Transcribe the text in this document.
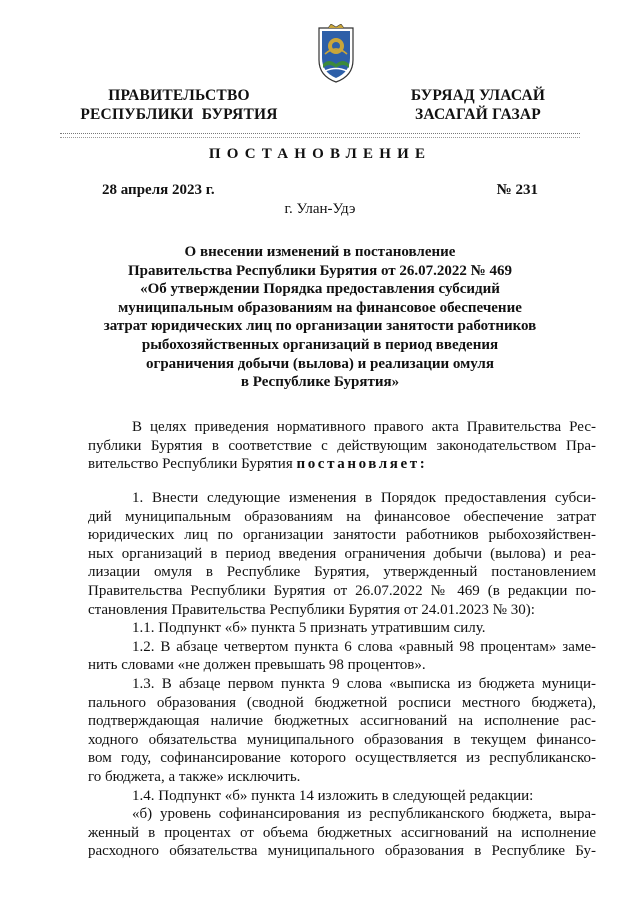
ПРАВИТЕЛЬСТВО
РЕСПУБЛИКИ  БУРЯТИЯ
БУРЯАД УЛАСАЙ
ЗАСАГАЙ ГАЗАР
ПОСТАНОВЛЕНИЕ
28 апреля 2023 г.	№ 231
г. Улан-Удэ
О внесении изменений в постановление
Правительства Республики Бурятия от 26.07.2022 № 469
«Об утверждении Порядка предоставления субсидий
муниципальным образованиям на финансовое обеспечение
затрат юридических лиц по организации занятости работников
рыбохозяйственных организаций в период введения
ограничения добычи (вылова) и реализации омуля
в Республике Бурятия»
В целях приведения нормативного правого акта Правительства Рес-
публики Бурятия в соответствие с действующим законодательством Пра-
вительство Республики Бурятия постановляет:
1. Внести следующие изменения в Порядок предоставления субси-
дий муниципальным образованиям на финансовое обеспечение затрат
юридических лиц по организации занятости работников рыбохозяйствен-
ных организаций в период введения ограничения добычи (вылова) и реа-
лизации омуля в Республике Бурятия, утвержденный постановлением
Правительства Республики Бурятия от 26.07.2022 № 469 (в редакции по-
становления Правительства Республики Бурятия от 24.01.2023 № 30):
1.1. Подпункт «б» пункта 5 признать утратившим силу.
1.2. В абзаце четвертом пункта 6 слова «равный 98 процентам» заме-
нить словами «не должен превышать 98 процентов».
1.3. В абзаце первом пункта 9 слова «выписка из бюджета муници-
пального образования (сводной бюджетной росписи местного бюджета),
подтверждающая наличие бюджетных ассигнований на исполнение рас-
ходного обязательства муниципального образования в текущем финансо-
вом году, софинансирование которого осуществляется из республиканско-
го бюджета, а также» исключить.
1.4. Подпункт «б» пункта 14 изложить в следующей редакции:
«б) уровень софинансирования из республиканского бюджета, выра-
женный в процентах от объема бюджетных ассигнований на исполнение
расходного обязательства муниципального образования в Республике Бу-
